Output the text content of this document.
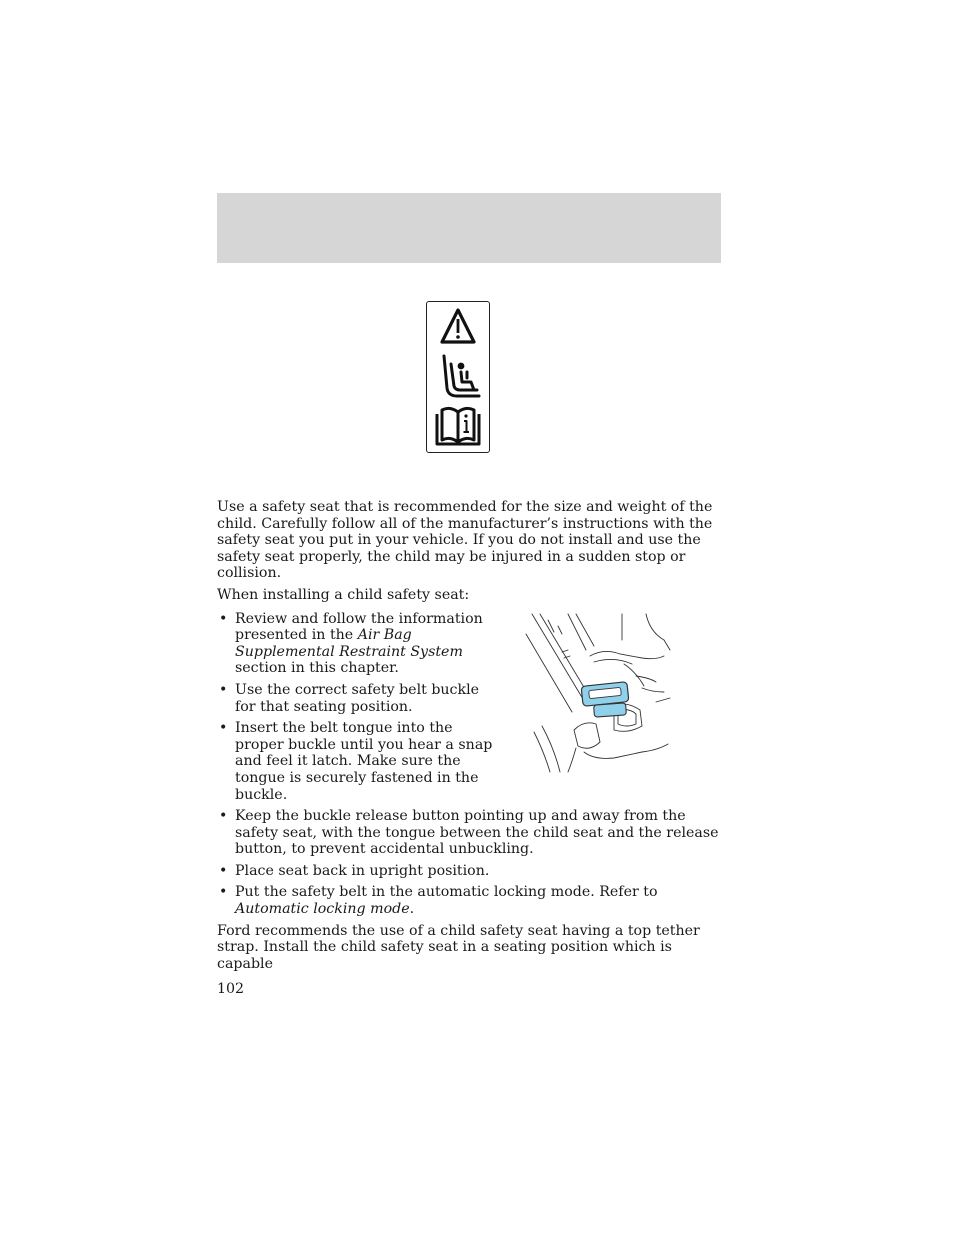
Use a safety seat that is recommended for the size and weight of the child. Carefully follow all of the manufacturer’s instructions with the safety seat you put in your vehicle. If you do not install and use the safety seat properly, the child may be injured in a sudden stop or collision.

When installing a child safety seat:

• Review and follow the information presented in the Air Bag Supplemental Restraint System section in this chapter.
• Use the correct safety belt buckle for that seating position.
• Insert the belt tongue into the proper buckle until you hear a snap and feel it latch. Make sure the tongue is securely fastened in the buckle.
• Keep the buckle release button pointing up and away from the safety seat, with the tongue between the child seat and the release button, to prevent accidental unbuckling.
• Place seat back in upright position.
• Put the safety belt in the automatic locking mode. Refer to Automatic locking mode.

Ford recommends the use of a child safety seat having a top tether strap. Install the child safety seat in a seating position which is capable

102
